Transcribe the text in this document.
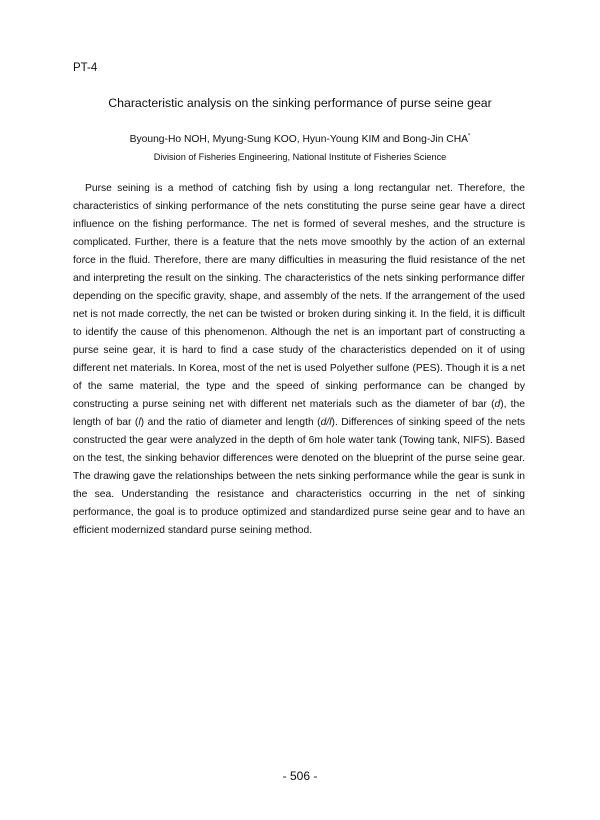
PT-4
Characteristic analysis on the sinking performance of purse seine gear
Byoung-Ho NOH, Myung-Sung KOO, Hyun-Young KIM and Bong-Jin CHA*
Division of Fisheries Engineering, National Institute of Fisheries Science

Purse seining is a method of catching fish by using a long rectangular net. Therefore, the characteristics of sinking performance of the nets constituting the purse seine gear have a direct influence on the fishing performance. The net is formed of several meshes, and the structure is complicated. Further, there is a feature that the nets move smoothly by the action of an external force in the fluid. Therefore, there are many difficulties in measuring the fluid resistance of the net and interpreting the result on the sinking. The characteristics of the nets sinking performance differ depending on the specific gravity, shape, and assembly of the nets. If the arrangement of the used net is not made correctly, the net can be twisted or broken during sinking it. In the field, it is difficult to identify the cause of this phenomenon. Although the net is an important part of constructing a purse seine gear, it is hard to find a case study of the characteristics depended on it of using different net materials. In Korea, most of the net is used Polyether sulfone (PES). Though it is a net of the same material, the type and the speed of sinking performance can be changed by constructing a purse seining net with different net materials such as the diameter of bar (d), the length of bar (l) and the ratio of diameter and length (d/l). Differences of sinking speed of the nets constructed the gear were analyzed in the depth of 6m hole water tank (Towing tank, NIFS). Based on the test, the sinking behavior differences were denoted on the blueprint of the purse seine gear. The drawing gave the relationships between the nets sinking performance while the gear is sunk in the sea. Understanding the resistance and characteristics occurring in the net of sinking performance, the goal is to produce optimized and standardized purse seine gear and to have an efficient modernized standard purse seining method.

- 506 -
